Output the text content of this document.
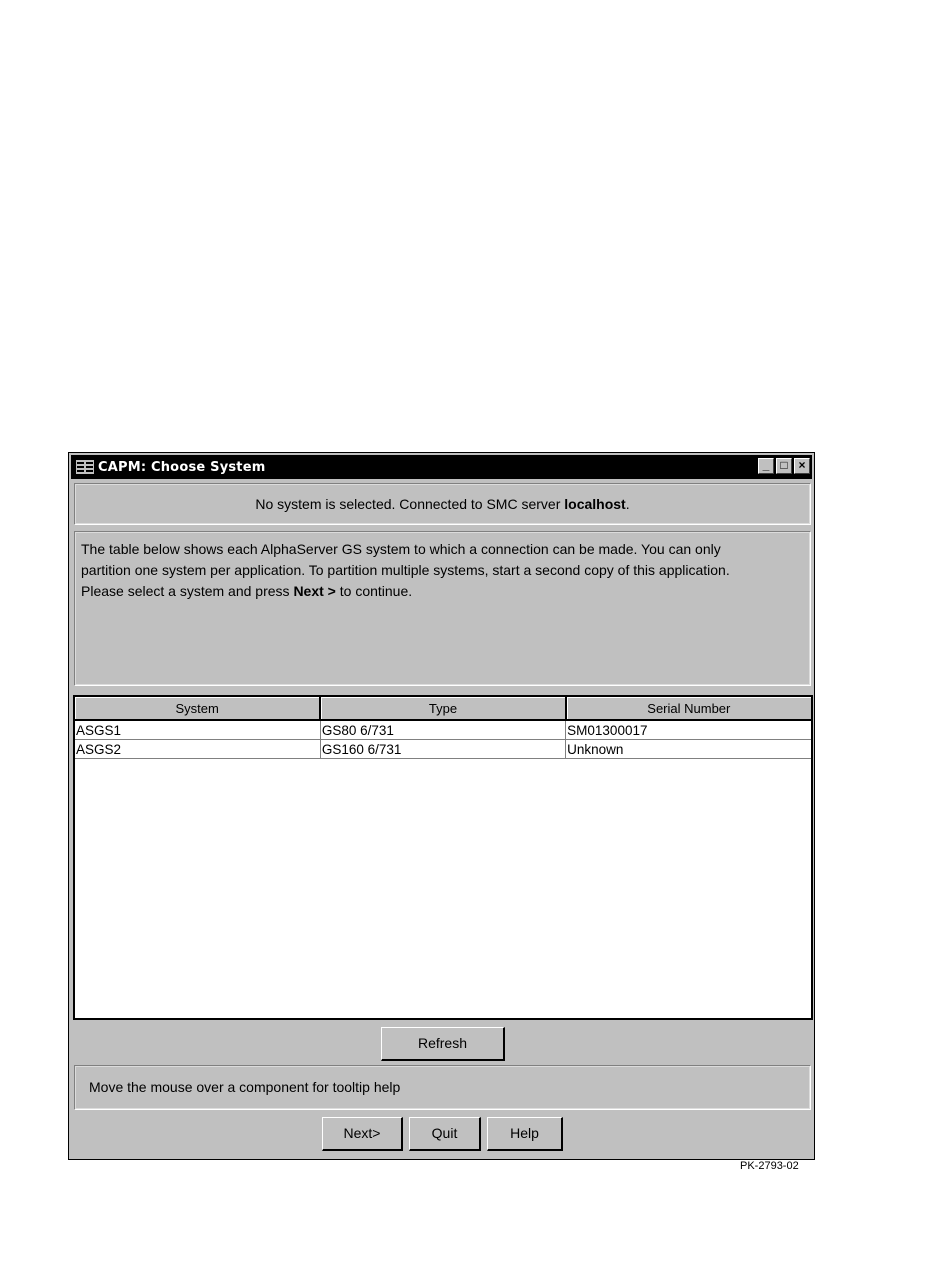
CAPM: Choose System	_ □ ×
No system is selected. Connected to SMC server localhost.
The table below shows each AlphaServer GS system to which a connection can be made. You can only
partition one system per application. To partition multiple systems, start a second copy of this application.
Please select a system and press Next > to continue.
System	Type	Serial Number
ASGS1	GS80 6/731	SM01300017
ASGS2	GS160 6/731	Unknown
Refresh
Move the mouse over a component for tooltip help
Next>	Quit	Help
PK-2793-02
